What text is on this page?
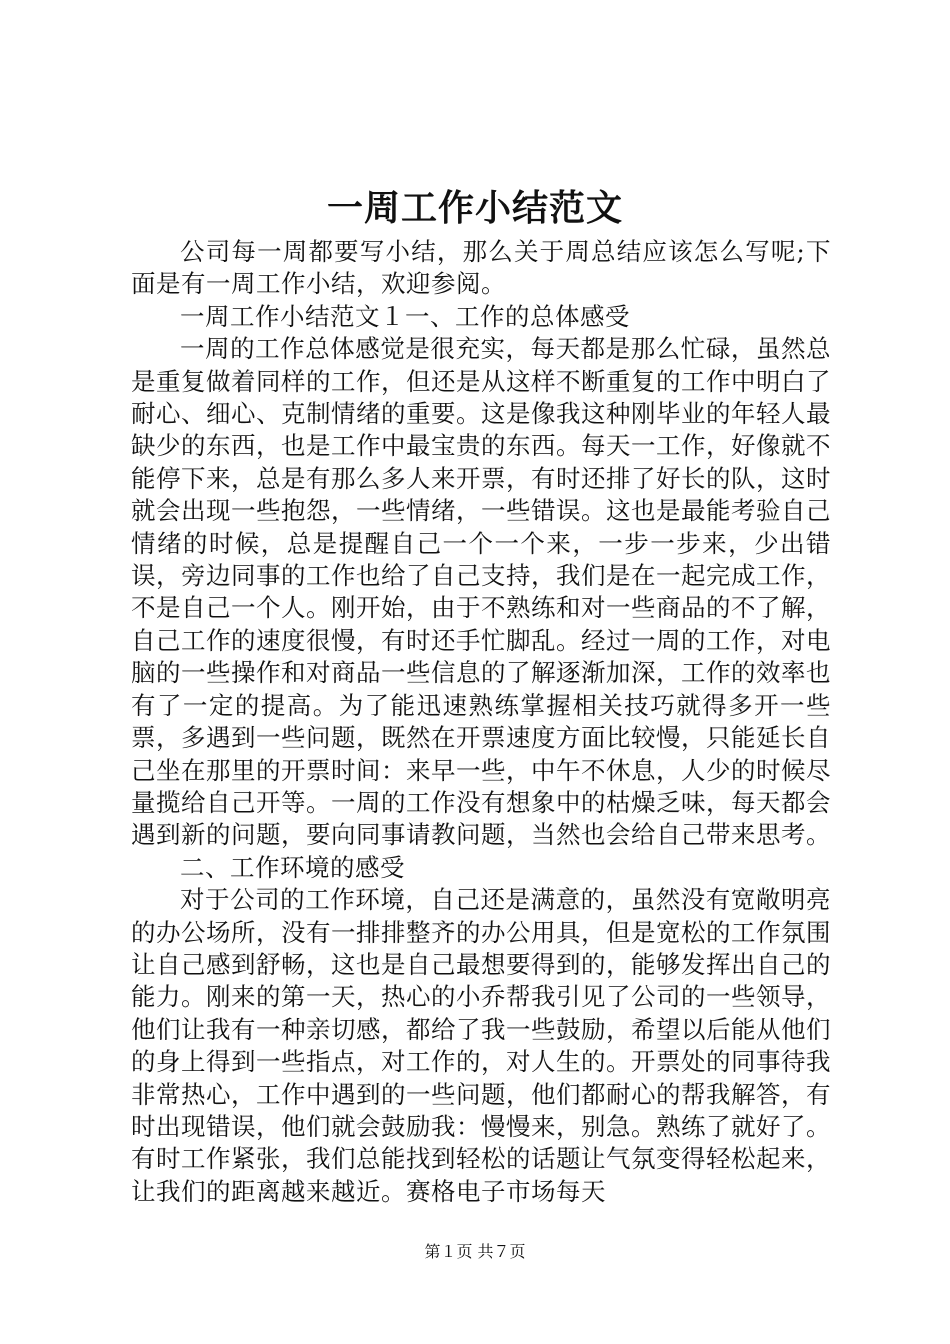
一周工作小结范文

公司每一周都要写小结，那么关于周总结应该怎么写呢;下面是有一周工作小结，欢迎参阅。

一周工作小结范文１一、工作的总体感受

一周的工作总体感觉是很充实，每天都是那么忙碌，虽然总是重复做着同样的工作，但还是从这样不断重复的工作中明白了耐心、细心、克制情绪的重要。这是像我这种刚毕业的年轻人最缺少的东西，也是工作中最宝贵的东西。每天一工作，好像就不能停下来，总是有那么多人来开票，有时还排了好长的队，这时就会出现一些抱怨，一些情绪，一些错误。这也是最能考验自己情绪的时候，总是提醒自己一个一个来，一步一步来，少出错误，旁边同事的工作也给了自己支持，我们是在一起完成工作，不是自己一个人。刚开始，由于不熟练和对一些商品的不了解，自己工作的速度很慢，有时还手忙脚乱。经过一周的工作，对电脑的一些操作和对商品一些信息的了解逐渐加深，工作的效率也有了一定的提高。为了能迅速熟练掌握相关技巧就得多开一些票，多遇到一些问题，既然在开票速度方面比较慢，只能延长自己坐在那里的开票时间：来早一些，中午不休息，人少的时候尽量揽给自己开等。一周的工作没有想象中的枯燥乏味，每天都会遇到新的问题，要向同事请教问题，当然也会给自己带来思考。

二、工作环境的感受

对于公司的工作环境，自己还是满意的，虽然没有宽敞明亮的办公场所，没有一排排整齐的办公用具，但是宽松的工作氛围让自己感到舒畅，这也是自己最想要得到的，能够发挥出自己的能力。刚来的第一天，热心的小乔帮我引见了公司的一些领导，他们让我有一种亲切感，都给了我一些鼓励，希望以后能从他们的身上得到一些指点，对工作的，对人生的。开票处的同事待我非常热心，工作中遇到的一些问题，他们都耐心的帮我解答，有时出现错误，他们就会鼓励我：慢慢来，别急。熟练了就好了。有时工作紧张，我们总能找到轻松的话题让气氛变得轻松起来，让我们的距离越来越近。赛格电子市场每天

第１页 共７页
